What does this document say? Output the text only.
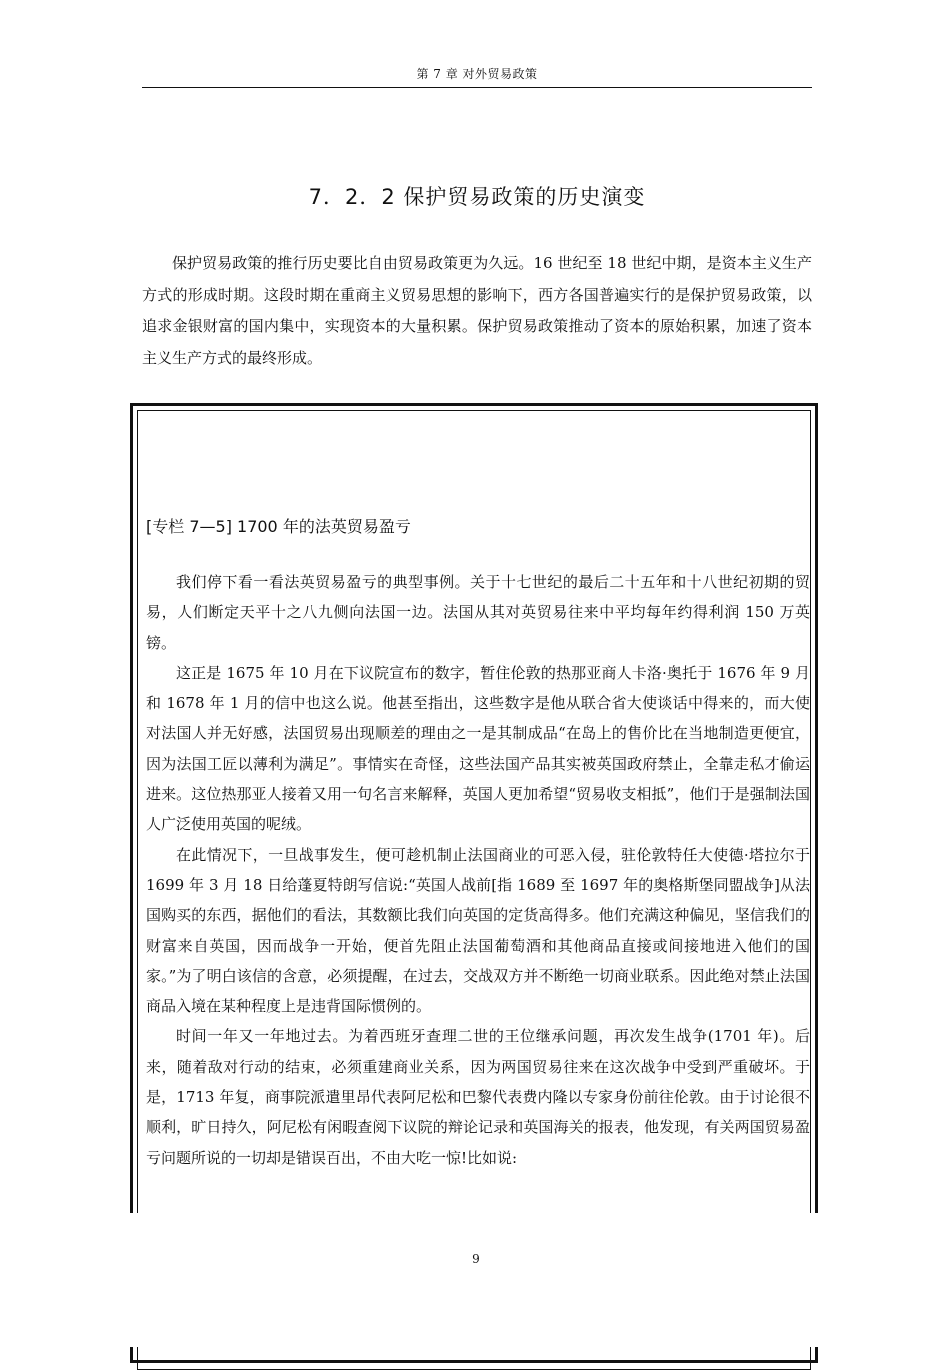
第 7 章 对外贸易政策
7．2．2 保护贸易政策的历史演变

保护贸易政策的推行历史要比自由贸易政策更为久远。16 世纪至 18 世纪中期，是资本主义生产方式的形成时期。这段时期在重商主义贸易思想的影响下，西方各国普遍实行的是保护贸易政策，以追求金银财富的国内集中，实现资本的大量积累。保护贸易政策推动了资本的原始积累，加速了资本主义生产方式的最终形成。

[专栏 7—5] 1700 年的法英贸易盈亏

我们停下看一看法英贸易盈亏的典型事例。关于十七世纪的最后二十五年和十八世纪初期的贸易，人们断定天平十之八九侧向法国一边。法国从其对英贸易往来中平均每年约得利润 150 万英镑。

这正是 1675 年 10 月在下议院宣布的数字，暂住伦敦的热那亚商人卡洛·奥托于 1676 年 9 月和 1678 年 1 月的信中也这么说。他甚至指出，这些数字是他从联合省大使谈话中得来的，而大使对法国人并无好感，法国贸易出现顺差的理由之一是其制成品“在岛上的售价比在当地制造更便宜，因为法国工匠以薄利为满足”。事情实在奇怪，这些法国产品其实被英国政府禁止，全靠走私才偷运进来。这位热那亚人接着又用一句名言来解释，英国人更加希望“贸易收支相抵”，他们于是强制法国人广泛使用英国的呢绒。

在此情况下，一旦战事发生，便可趁机制止法国商业的可恶入侵，驻伦敦特任大使德·塔拉尔于 1699 年 3 月 18 日给蓬夏特朗写信说:“英国人战前[指 1689 至 1697 年的奥格斯堡同盟战争]从法国购买的东西，据他们的看法，其数额比我们向英国的定货高得多。他们充满这种偏见，坚信我们的财富来自英国，因而战争一开始，便首先阻止法国葡萄酒和其他商品直接或间接地进入他们的国家。”为了明白该信的含意，必须提醒，在过去，交战双方并不断绝一切商业联系。因此绝对禁止法国商品入境在某种程度上是违背国际惯例的。

时间一年又一年地过去。为着西班牙查理二世的王位继承问题，再次发生战争(1701 年)。后来，随着敌对行动的结束，必须重建商业关系，因为两国贸易往来在这次战争中受到严重破坏。于是，1713 年复，商事院派遣里昂代表阿尼松和巴黎代表费内隆以专家身份前往伦敦。由于讨论很不顺利，旷日持久，阿尼松有闲暇查阅下议院的辩论记录和英国海关的报表，他发现，有关两国贸易盈亏问题所说的一切却是错误百出，不由大吃一惊!比如说:

9
